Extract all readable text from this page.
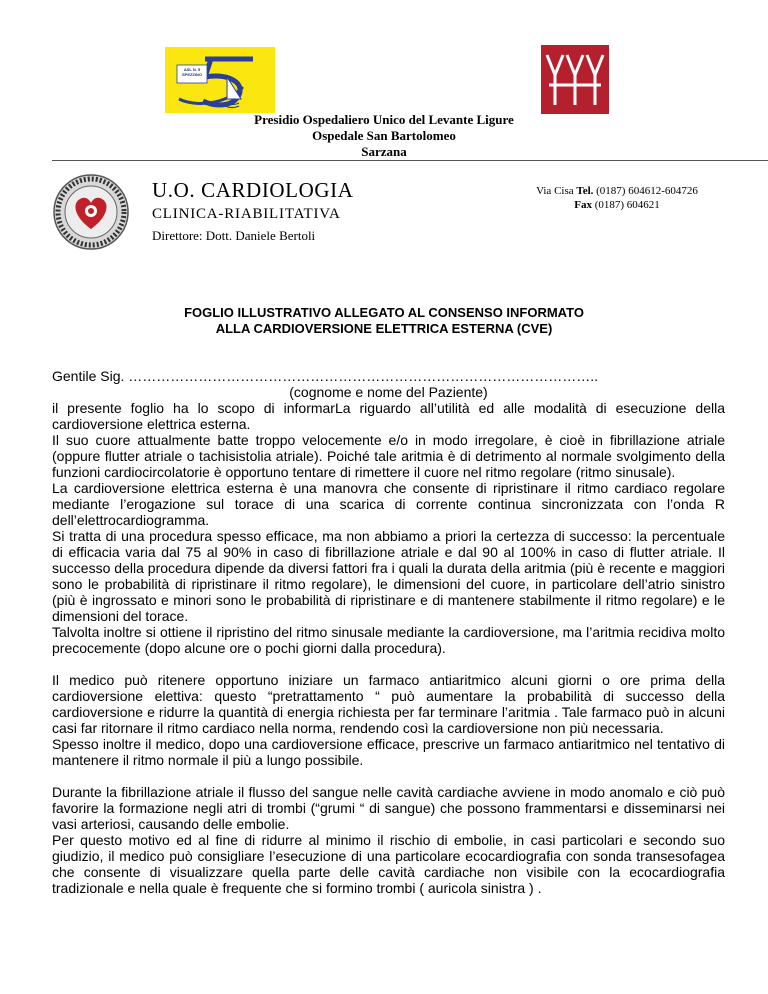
ASL N. 5 SPEZZINO
Presidio Ospedaliero Unico del Levante Ligure
Ospedale San Bartolomeo
Sarzana
U.O. CARDIOLOGIA
CLINICA-RIABILITATIVA
Direttore: Dott. Daniele Bertoli
Via Cisa Tel. (0187) 604612-604726
Fax (0187) 604621
FOGLIO ILLUSTRATIVO ALLEGATO AL CONSENSO INFORMATO
ALLA CARDIOVERSIONE ELETTRICA ESTERNA (CVE)

Gentile Sig. ………………………………………………………………………………………..

(cognome e nome del Paziente)

il presente foglio ha lo scopo di informarLa riguardo all’utilità ed alle modalità di esecuzione della cardioversione elettrica esterna.

Il suo cuore attualmente batte troppo velocemente e/o in modo irregolare, è cioè in fibrillazione atriale (oppure flutter atriale o tachisistolia atriale). Poiché tale aritmia è di detrimento al normale svolgimento della funzioni cardiocircolatorie è opportuno tentare di rimettere il cuore nel ritmo regolare (ritmo sinusale).

La cardioversione elettrica esterna è una manovra che consente di ripristinare il ritmo cardiaco regolare mediante l’erogazione sul torace di una scarica di corrente continua sincronizzata con l’onda R dell’elettrocardiogramma.

Si tratta di una procedura spesso efficace, ma non abbiamo a priori la certezza di successo: la percentuale di efficacia varia dal 75 al 90% in caso di fibrillazione atriale e dal 90 al 100% in caso di flutter atriale. Il successo della procedura dipende da diversi fattori fra i quali la durata della aritmia (più è recente e maggiori sono le probabilità di ripristinare il ritmo regolare), le dimensioni del cuore, in particolare dell’atrio sinistro (più è ingrossato e minori sono le probabilità di ripristinare e di mantenere stabilmente il ritmo regolare) e le dimensioni del torace.

Talvolta inoltre si ottiene il ripristino del ritmo sinusale mediante la cardioversione, ma l’aritmia recidiva molto precocemente (dopo alcune ore o pochi giorni dalla procedura).

Il medico può ritenere opportuno iniziare un farmaco antiaritmico alcuni giorni o ore prima della cardioversione elettiva: questo “pretrattamento “ può aumentare la probabilità di successo della cardioversione e ridurre la quantità di energia richiesta per far terminare l’aritmia . Tale farmaco può in alcuni casi far ritornare il ritmo cardiaco nella norma, rendendo così la cardioversione non più necessaria.

Spesso inoltre il medico, dopo una cardioversione efficace, prescrive un farmaco antiaritmico nel tentativo di mantenere il ritmo normale il più a lungo possibile.

Durante la fibrillazione atriale il flusso del sangue nelle cavità cardiache avviene in modo anomalo e ciò può favorire la formazione negli atri di trombi (“grumi “ di sangue) che possono frammentarsi e disseminarsi nei vasi arteriosi, causando delle embolie.

Per questo motivo ed al fine di ridurre al minimo il rischio di embolie, in casi particolari e secondo suo giudizio, il medico può consigliare l’esecuzione di una particolare ecocardiografia con sonda transesofagea che consente di visualizzare quella parte delle cavità cardiache non visibile con la ecocardiografia tradizionale e nella quale è frequente che si formino trombi ( auricola sinistra ) .
